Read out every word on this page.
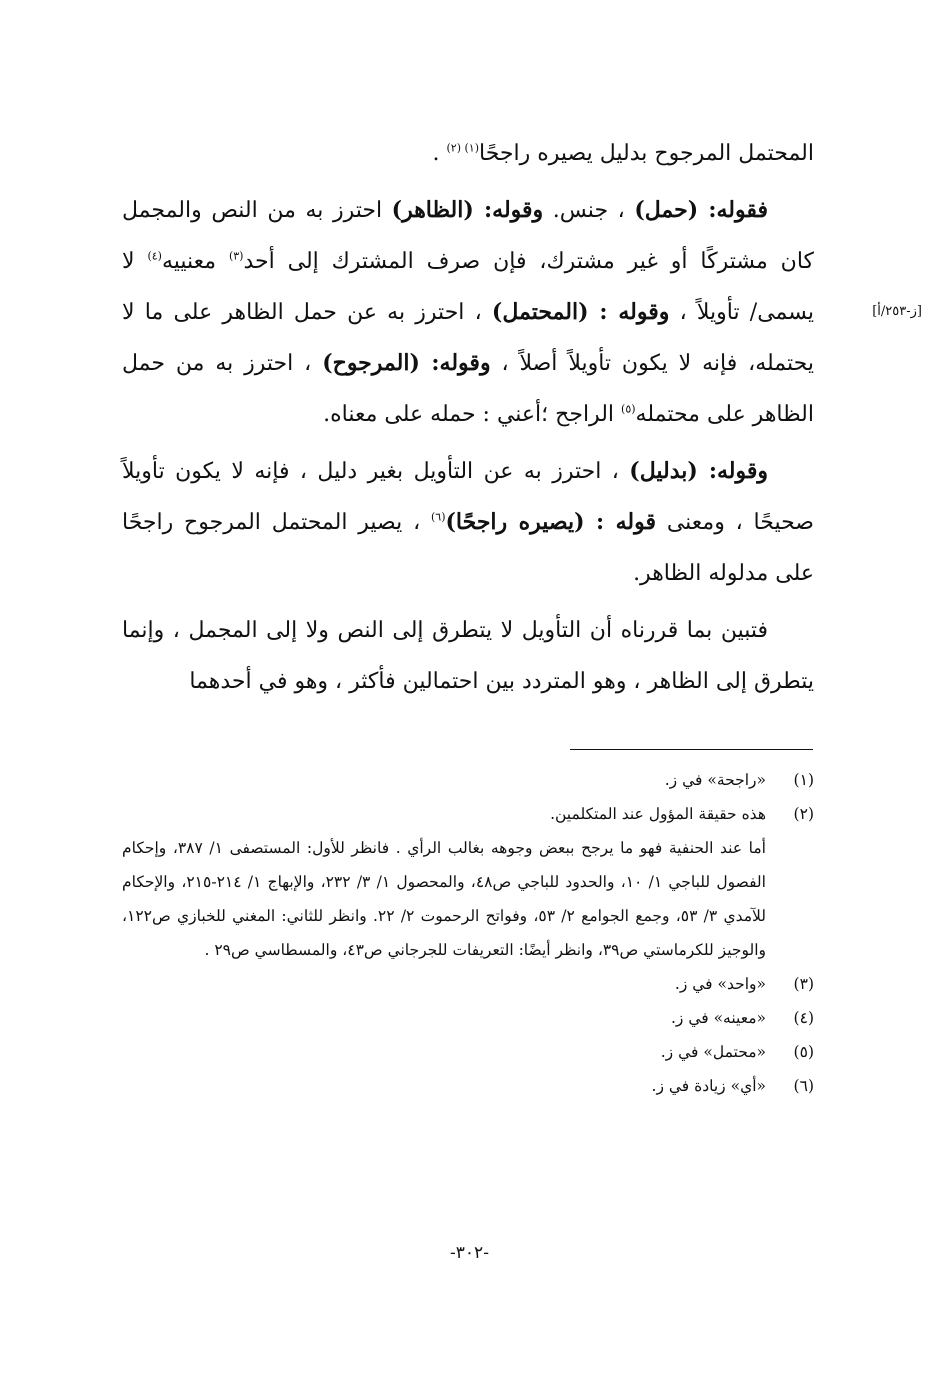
[ز-٢٥٣/أ]

المحتمل المرجوح بدليل يصيره راجحًا$^{(١) (٢)}$ .

فقوله: (حمل) ، جنس. وقوله: (الظاهر) احترز به من النص والمجمل كان مشتركًا أو غير مشترك، فإن صرف المشترك إلى أحد$^{(٣)}$ معنييه$^{(٤)}$ لا يسمى/ تأويلاً ، وقوله : (المحتمل) ، احترز به عن حمل الظاهر على ما لا يحتمله، فإنه لا يكون تأويلاً أصلاً ، وقوله: (المرجوح) ، احترز به من حمل الظاهر على محتمله$^{(٥)}$ الراجح ؛أعني : حمله على معناه.

وقوله: (بدليل) ، احترز به عن التأويل بغير دليل ، فإنه لا يكون تأويلاً صحيحًا ، ومعنى قوله : (يصيره راجحًا)$^{(٦)}$ ، يصير المحتمل المرجوح راجحًا على مدلوله الظاهر.

فتبين بما قررناه أن التأويل لا يتطرق إلى النص ولا إلى المجمل ، وإنما يتطرق إلى الظاهر ، وهو المتردد بين احتمالين فأكثر ، وهو في أحدهما

(١)
«راجحة» في ز.
(٢)
هذه حقيقة المؤول عند المتكلمين.
أما عند الحنفية فهو ما يرجح ببعض وجوهه بغالب الرأي . فانظر للأول: المستصفى ١/ ٣٨٧، وإحكام الفصول للباجي ١/ ١٠، والحدود للباجي ص٤٨، والمحصول ١/ ٣/ ٢٣٢، والإبهاج ١/ ٢١٤-٢١٥، والإحكام للآمدي ٣/ ٥٣، وجمع الجوامع ٢/ ٥٣، وفواتح الرحموت ٢/ ٢٢. وانظر للثاني: المغني للخبازي ص١٢٢، والوجيز للكرماستي ص٣٩، وانظر أيضًا: التعريفات للجرجاني ص٤٣، والمسطاسي ص٢٩ .
(٣)
«واحد» في ز.
(٤)
«معينه» في ز.
(٥)
«محتمل» في ز.
(٦)
«أي» زيادة في ز.
-٣٠٢-
